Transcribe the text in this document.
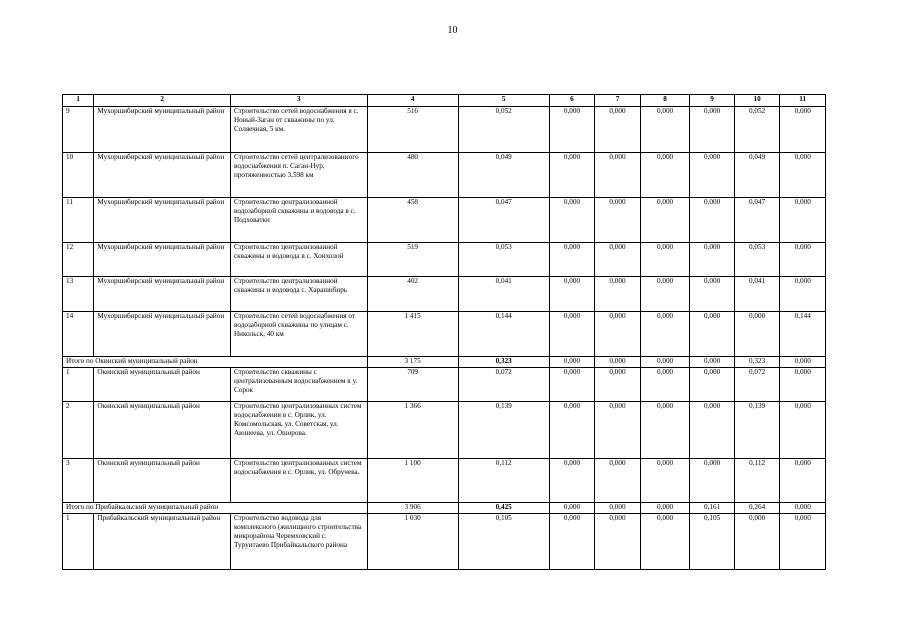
10
1	2	3	4	5	6	7	8	9	10	11
9	Мухоршибирский муниципальный район	Строительство сетей водоснабжения в с. Новый-Заган от скважины по ул. Соляечная, 5 км.	516	0,052	0,000	0,000	0,000	0,000	0,052	0,000
10	Мухоршибирский муниципальный район	Строительство сетей централизованного водоснабжения п. Саган-Нур, протяженностью 3,598 км	480	0,049	0,000	0,000	0,000	0,000	0,049	0,000
11	Мухоршибирский муниципальный район	Строительство централизованной водозаборной скважины и водовода в с. Подховатки	458	0,047	0,000	0,000	0,000	0,000	0,047	0,000
12	Мухоршибирский муниципальный район	Строительство централизованной скважины и водовода в с. Хонхолой	519	0,053	0,000	0,000	0,000	0,000	0,053	0,000
13	Мухоршибирский муниципальный район	Строительство централизованной скважины и водовода с. Харашибирь	402	0,041	0,000	0,000	0,000	0,000	0,041	0,000
14	Мухоршибирский муниципальный район	Строительство сетей водоснабжения от водозаборной скважины по улицам с. Никольск, 40 км	1 415	0,144	0,000	0,000	0,000	0,000	0,000	0,144
Итого по Окинский муниципальный район			3 175	0,323	0,000	0,000	0,000	0,000	0,323	0,000
1	Окинский муниципальный район	Строительство скважины с централизованным водоснабжением в у. Сорок	709	0,072	0,000	0,000	0,000	0,000	0,072	0,000
2	Окинский муниципальный район	Строительство централизованных систем водоснабжения в с. Орлик, ул. Комсомольская, ул. Советская, ул. Аюшеева, ул. Ошорова.	1 366	0,139	0,000	0,000	0,000	0,000	0,139	0,000
3	Окинский муниципальный район	Строительство централизованных систем водоснабжения в с. Орлик, ул. Обручева.	1 100	0,112	0,000	0,000	0,000	0,000	0,112	0,000
Итого по Прибайкальский муниципальный район			3 906	0,425	0,000	0,000	0,000	0,161	0,264	0,000
1	Прибайкальский муниципальный район	Строительство водовода для комплексного (жилищного строительства микрорайона Черемховский с. Турунтаево Прибайкальского района	1 030	0,105	0,000	0,000	0,000	0,105	0,000	0,000
